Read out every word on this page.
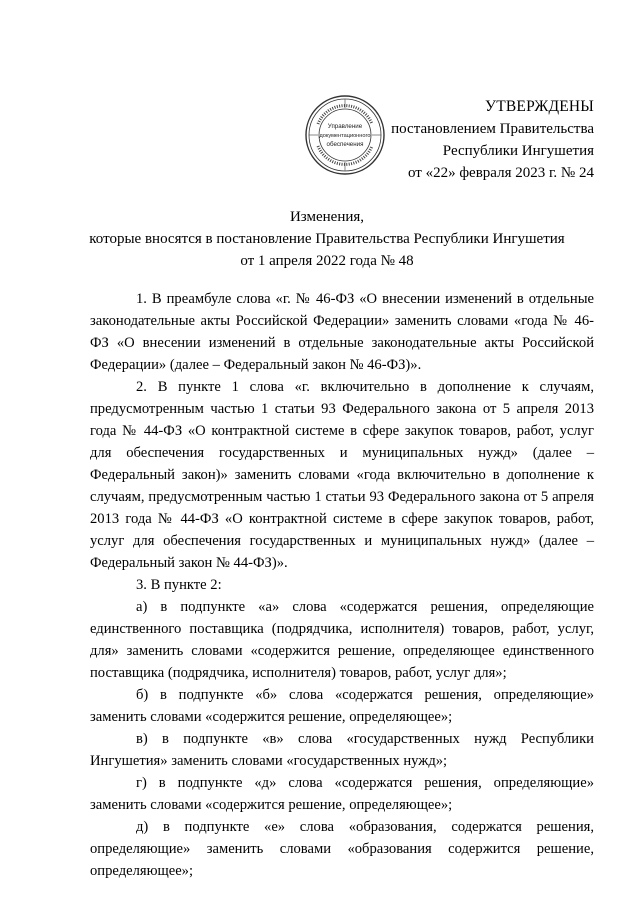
Управление
документационного
обеспечения
УТВЕРЖДЕНЫ
постановлением Правительства
Республики Ингушетия
от «22» февраля 2023 г. № 24
Изменения,
которые вносятся в постановление Правительства Республики Ингушетия
от 1 апреля 2022 года № 48

1. В преамбуле слова «г. № 46-ФЗ «О внесении изменений в отдельные законодательные акты Российской Федерации» заменить словами «года № 46-ФЗ «О внесении изменений в отдельные законодательные акты Российской Федерации» (далее – Федеральный закон № 46-ФЗ)».

2. В пункте 1 слова «г. включительно в дополнение к случаям, предусмотренным частью 1 статьи 93 Федерального закона от 5 апреля 2013 года № 44-ФЗ «О контрактной системе в сфере закупок товаров, работ, услуг для обеспечения государственных и муниципальных нужд» (далее – Федеральный закон)» заменить словами «года включительно в дополнение к случаям, предусмотренным частью 1 статьи 93 Федерального закона от 5 апреля 2013 года № 44-ФЗ «О контрактной системе в сфере закупок товаров, работ, услуг для обеспечения государственных и муниципальных нужд» (далее – Федеральный закон № 44-ФЗ)».

3. В пункте 2:

а) в подпункте «а» слова «содержатся решения, определяющие единственного поставщика (подрядчика, исполнителя) товаров, работ, услуг, для» заменить словами «содержится решение, определяющее единственного поставщика (подрядчика, исполнителя) товаров, работ, услуг для»;

б) в подпункте «б» слова «содержатся решения, определяющие» заменить словами «содержится решение, определяющее»;

в) в подпункте «в» слова «государственных нужд Республики Ингушетия» заменить словами «государственных нужд»;

г) в подпункте «д» слова «содержатся решения, определяющие» заменить словами «содержится решение, определяющее»;

д) в подпункте «е» слова «образования, содержатся решения, определяющие» заменить словами «образования содержится решение, определяющее»;
